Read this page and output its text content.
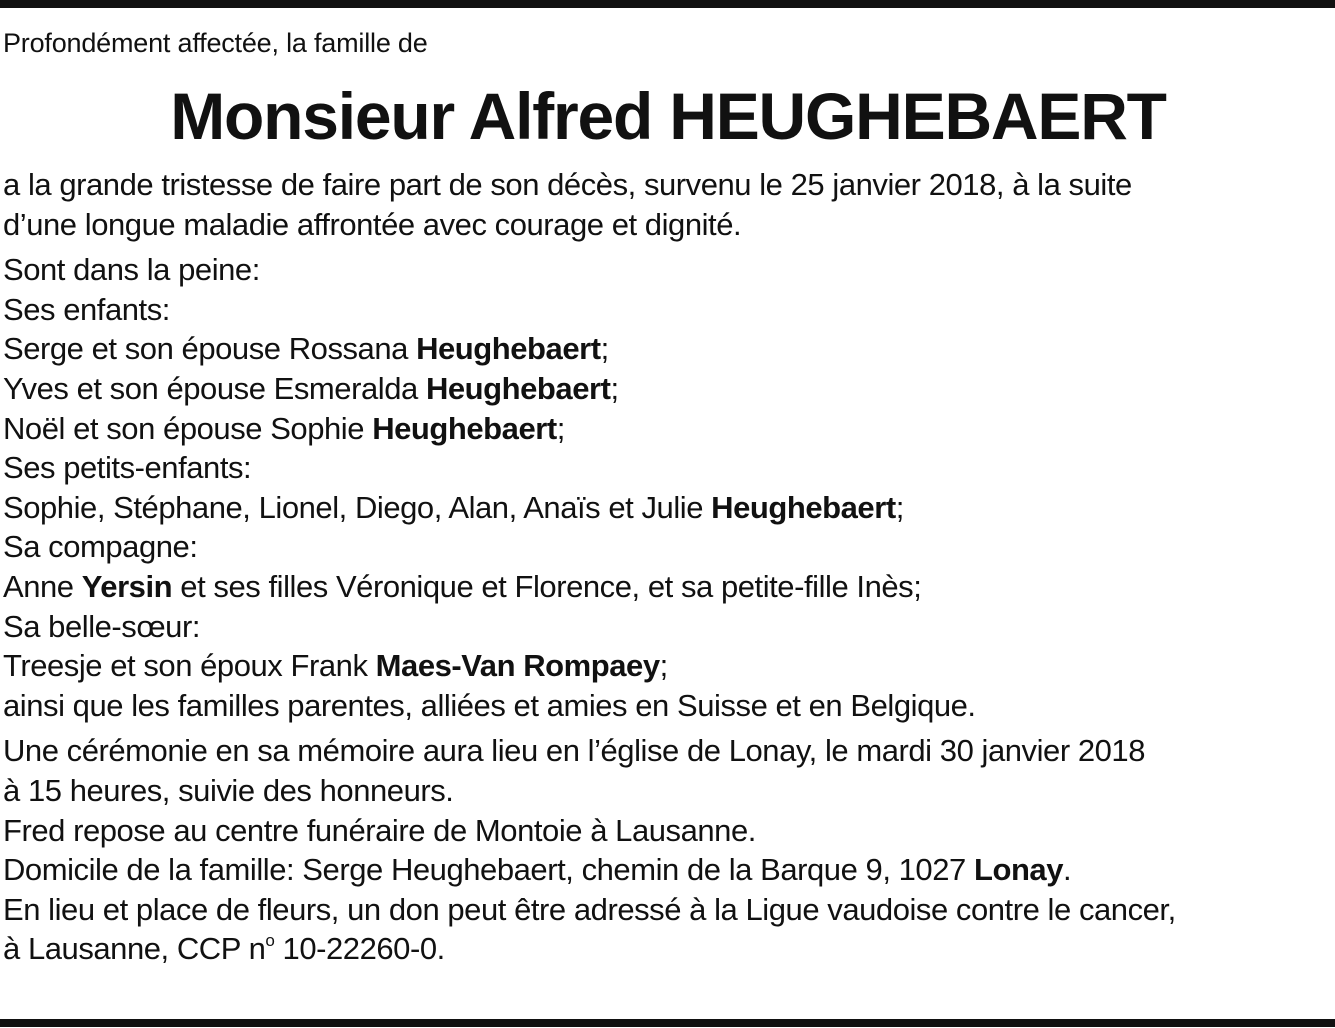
Profondément affectée, la famille de
Monsieur Alfred HEUGHEBAERT
a la grande tristesse de faire part de son décès, survenu le 25 janvier 2018, à la suite
d’une longue maladie affrontée avec courage et dignité.
Sont dans la peine:
Ses enfants:
Serge et son épouse Rossana Heughebaert;
Yves et son épouse Esmeralda Heughebaert;
Noël et son épouse Sophie Heughebaert;
Ses petits-enfants:
Sophie, Stéphane, Lionel, Diego, Alan, Anaïs et Julie Heughebaert;
Sa compagne:
Anne Yersin et ses filles Véronique et Florence, et sa petite-fille Inès;
Sa belle-sœur:
Treesje et son époux Frank Maes-Van Rompaey;
ainsi que les familles parentes, alliées et amies en Suisse et en Belgique.
Une cérémonie en sa mémoire aura lieu en l’église de Lonay, le mardi 30 janvier 2018
à 15 heures, suivie des honneurs.
Fred repose au centre funéraire de Montoie à Lausanne.
Domicile de la famille: Serge Heughebaert, chemin de la Barque 9, 1027 Lonay.
En lieu et place de fleurs, un don peut être adressé à la Ligue vaudoise contre le cancer,
à Lausanne, CCP $n^o$ 10-22260-0.
